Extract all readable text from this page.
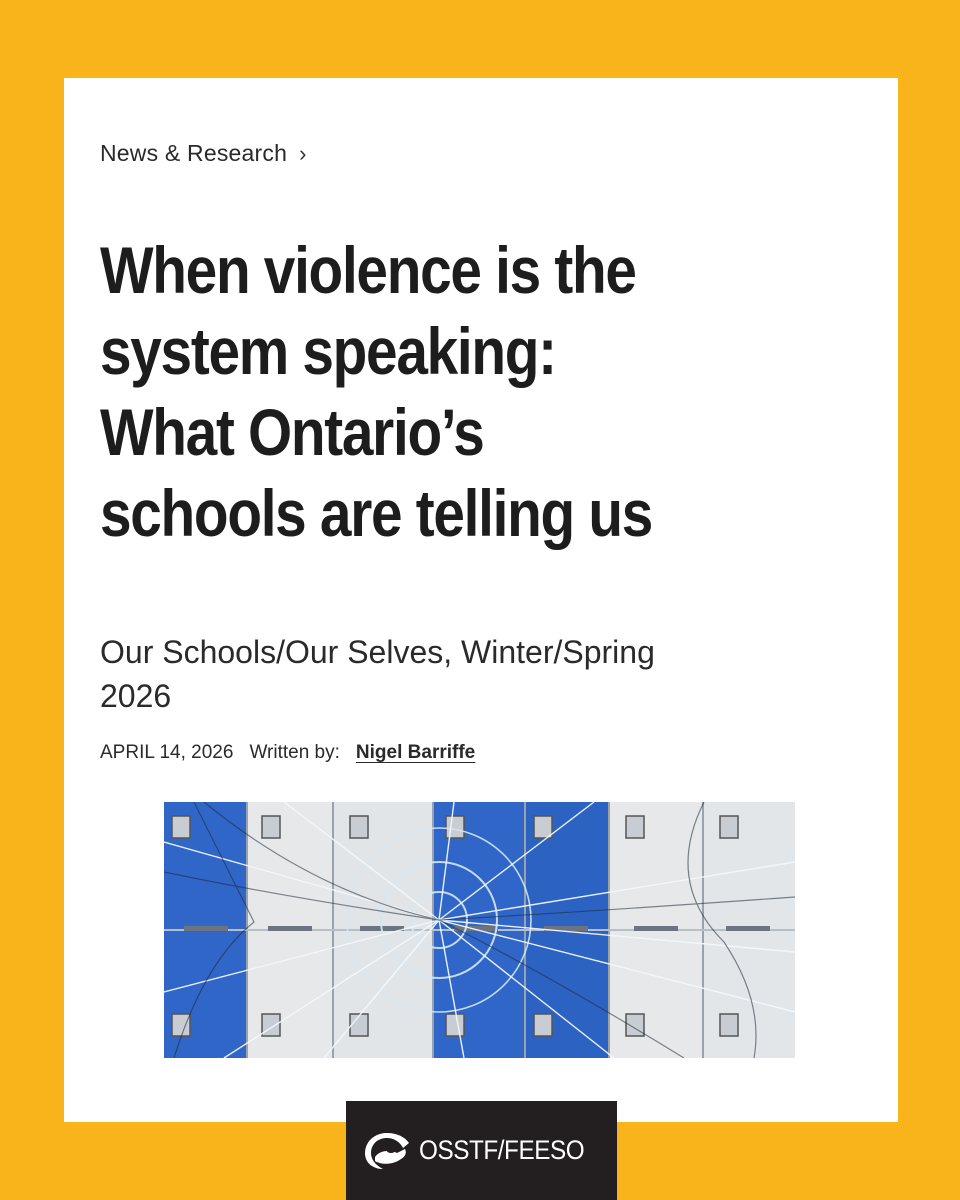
News & Research ›
When violence is the system speaking: What Ontario’s schools are telling us
Our Schools/Our Selves, Winter/Spring 2026
APRIL 14, 2026 Written by: Nigel Barriffe
OSSTF/FEESO
